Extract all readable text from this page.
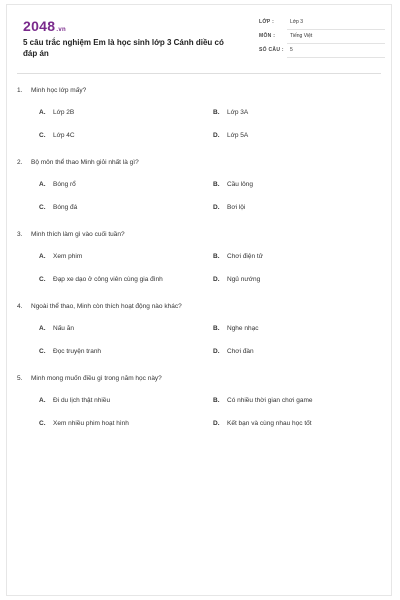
2048.vn
5 câu trắc nghiệm Em là học sinh lớp 3 Cánh diều có đáp án
LỚP :	Lớp 3
MÔN :	Tiếng Việt
SỐ CÂU :	5
1. Minh học lớp mấy?
A. Lớp 2B	B. Lớp 3A
C. Lớp 4C	D. Lớp 5A
2. Bộ môn thể thao Minh giỏi nhất là gì?
A. Bóng rổ	B. Cầu lông
C. Bóng đá	D. Bơi lội
3. Minh thích làm gì vào cuối tuần?
A. Xem phim	B. Chơi điện tử
C. Đạp xe dạo ở công viên cùng gia đình	D. Ngủ nướng
4. Ngoài thể thao, Minh còn thích hoạt động nào khác?
A. Nấu ăn	B. Nghe nhạc
C. Đọc truyện tranh	D. Chơi đàn
5. Minh mong muốn điều gì trong năm học này?
A. Đi du lịch thật nhiều	B. Có nhiều thời gian chơi game
C. Xem nhiều phim hoạt hình	D. Kết bạn và cùng nhau học tốt
